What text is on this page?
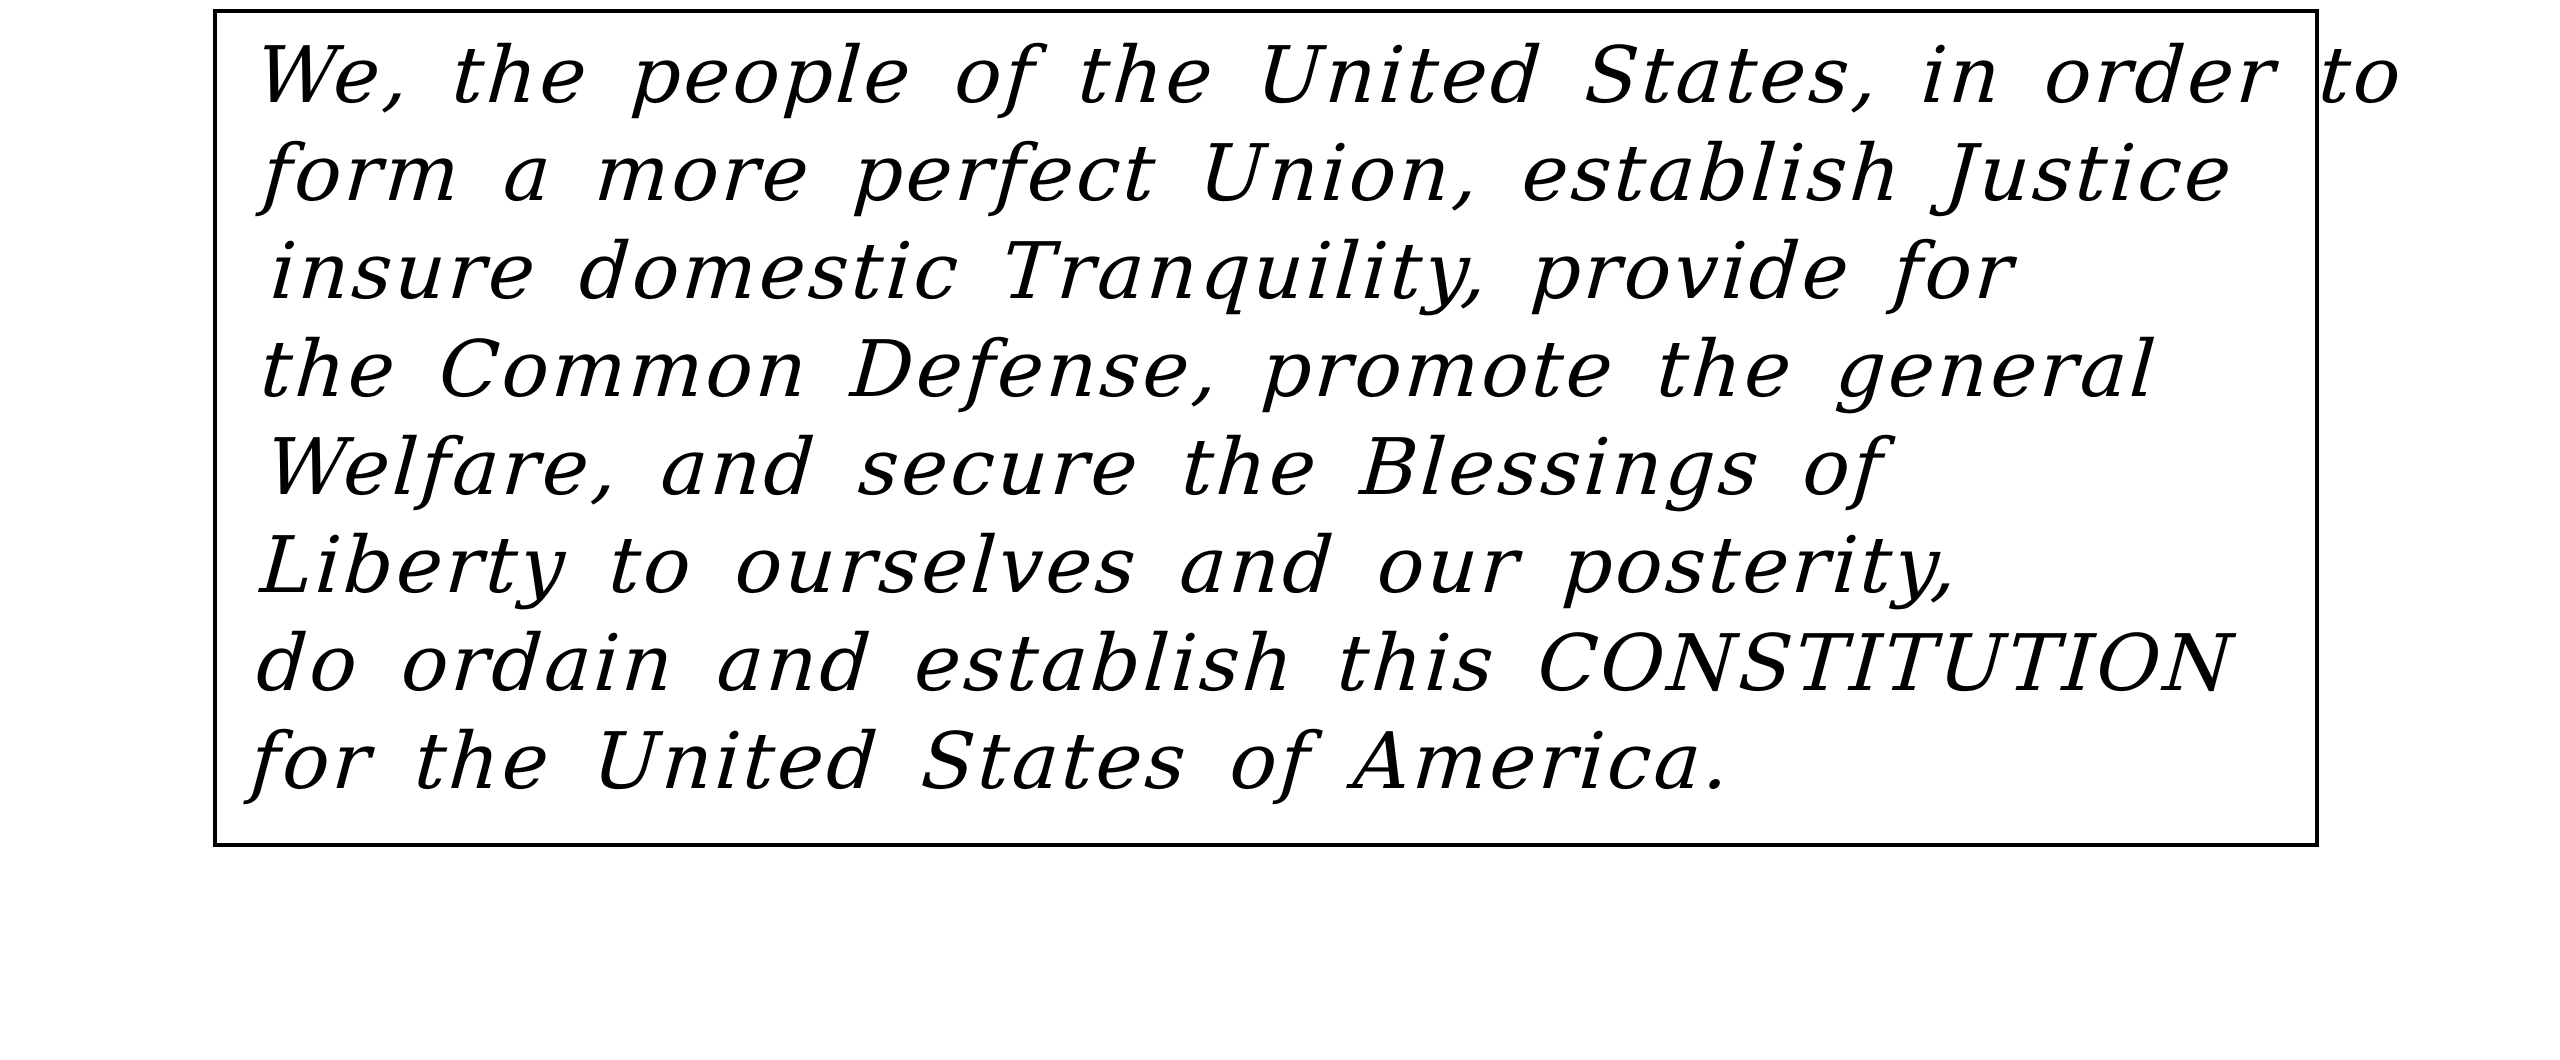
We, the people of the United States, in order to
form a more perfect Union, establish Justice
insure domestic Tranquility, provide for
the Common Defense, promote the general
Welfare, and secure the Blessings of
Liberty to ourselves and our posterity,
do ordain and establish this CONSTITUTION
for the United States of America.
